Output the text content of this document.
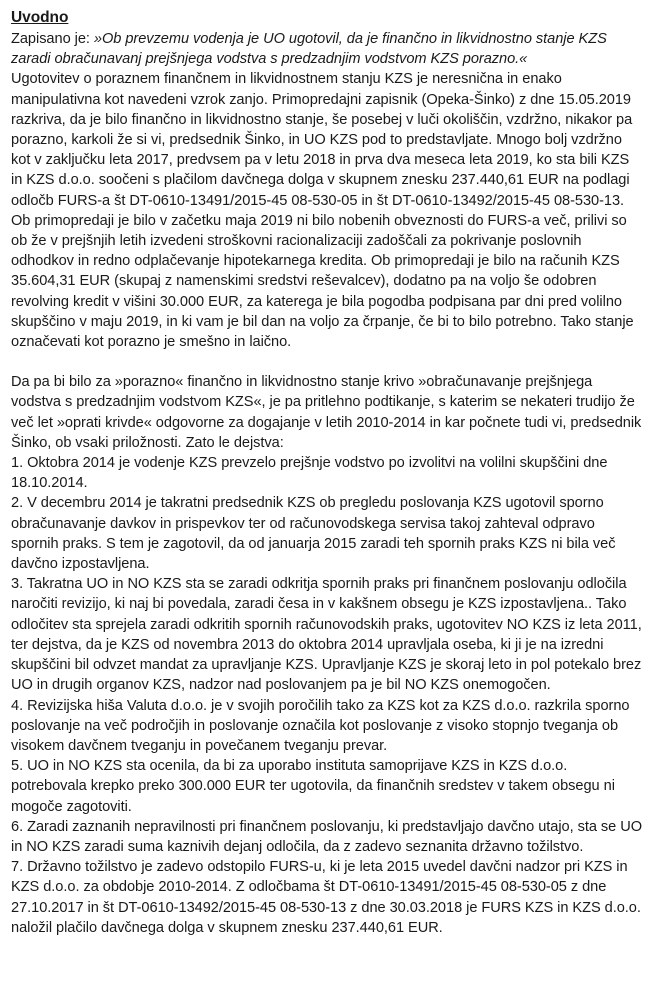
Uvodno

Zapisano je: »Ob prevzemu vodenja je UO ugotovil, da je finančno in likvidnostno stanje KZS zaradi obračunavanj prejšnjega vodstva s predzadnjim vodstvom KZS porazno.«

Ugotovitev o poraznem finančnem in likvidnostnem stanju KZS je neresnična in enako manipulativna kot navedeni vzrok zanjo. Primopredajni zapisnik (Opeka-Šinko) z dne 15.05.2019 razkriva, da je bilo finančno in likvidnostno stanje, še posebej v luči okoliščin, vzdržno, nikakor pa porazno, karkoli že si vi, predsednik Šinko, in UO KZS pod to predstavljate. Mnogo bolj vzdržno kot v zaključku leta 2017, predvsem pa v letu 2018 in prva dva meseca leta 2019, ko sta bili KZS in KZS d.o.o. soočeni s plačilom davčnega dolga v skupnem znesku 237.440,61 EUR na podlagi odločb FURS-a št DT-0610-13491/2015-45 08-530-05 in št DT-0610-13492/2015-45 08-530-13. Ob primopredaji je bilo v začetku maja 2019 ni bilo nobenih obveznosti do FURS-a več, prilivi so ob že v prejšnjih letih izvedeni stroškovni racionalizaciji zadoščali za pokrivanje poslovnih odhodkov in redno odplačevanje hipotekarnega kredita. Ob primopredaji je bilo na računih KZS 35.604,31 EUR (skupaj z namenskimi sredstvi reševalcev), dodatno pa na voljo še odobren revolving kredit v višini 30.000 EUR, za katerega je bila pogodba podpisana par dni pred volilno skupščino v maju 2019, in ki vam je bil dan na voljo za črpanje, če bi to bilo potrebno. Tako stanje označevati kot porazno je smešno in laično.

Da pa bi bilo za »porazno« finančno in likvidnostno stanje krivo »obračunavanje prejšnjega vodstva s predzadnjim vodstvom KZS«, je pa pritlehno podtikanje, s katerim se nekateri trudijo že več let »oprati krivde« odgovorne za dogajanje v letih 2010-2014 in kar počnete tudi vi, predsednik Šinko, ob vsaki priložnosti. Zato le dejstva:

1. Oktobra 2014 je vodenje KZS prevzelo prejšnje vodstvo po izvolitvi na volilni skupščini dne 18.10.2014.

2. V decembru 2014 je takratni predsednik KZS ob pregledu poslovanja KZS ugotovil sporno obračunavanje davkov in prispevkov ter od računovodskega servisa takoj zahteval odpravo spornih praks. S tem je zagotovil, da od januarja 2015 zaradi teh spornih praks KZS ni bila več davčno izpostavljena.

3. Takratna UO in NO KZS sta se zaradi odkritja spornih praks pri finančnem poslovanju odločila naročiti revizijo, ki naj bi povedala, zaradi česa in v kakšnem obsegu je KZS izpostavljena.. Tako odločitev sta sprejela zaradi odkritih spornih računovodskih praks, ugotovitev NO KZS iz leta 2011, ter dejstva, da je KZS od novembra 2013 do oktobra 2014 upravljala oseba, ki ji je na izredni skupščini bil odvzet mandat za upravljanje KZS. Upravljanje KZS je skoraj leto in pol potekalo brez UO in drugih organov KZS, nadzor nad poslovanjem pa je bil NO KZS onemogočen.

4. Revizijska hiša Valuta d.o.o. je v svojih poročilih tako za KZS kot za KZS d.o.o. razkrila sporno poslovanje na več področjih in poslovanje označila kot poslovanje z visoko stopnjo tveganja ob visokem davčnem tveganju in povečanem tveganju prevar.

5. UO in NO KZS sta ocenila, da bi za uporabo instituta samoprijave KZS in KZS d.o.o. potrebovala krepko preko 300.000 EUR ter ugotovila, da finančnih sredstev v takem obsegu ni mogoče zagotoviti.

6. Zaradi zaznanih nepravilnosti pri finančnem poslovanju, ki predstavljajo davčno utajo, sta se UO in NO KZS zaradi suma kaznivih dejanj odločila, da z zadevo seznanita državno tožilstvo.

7. Državno tožilstvo je zadevo odstopilo FURS-u, ki je leta 2015 uvedel davčni nadzor pri KZS in KZS d.o.o. za obdobje 2010-2014. Z odločbama št DT-0610-13491/2015-45 08-530-05 z dne 27.10.2017 in št DT-0610-13492/2015-45 08-530-13 z dne 30.03.2018 je FURS KZS in KZS d.o.o. naložil plačilo davčnega dolga v skupnem znesku 237.440,61 EUR.
